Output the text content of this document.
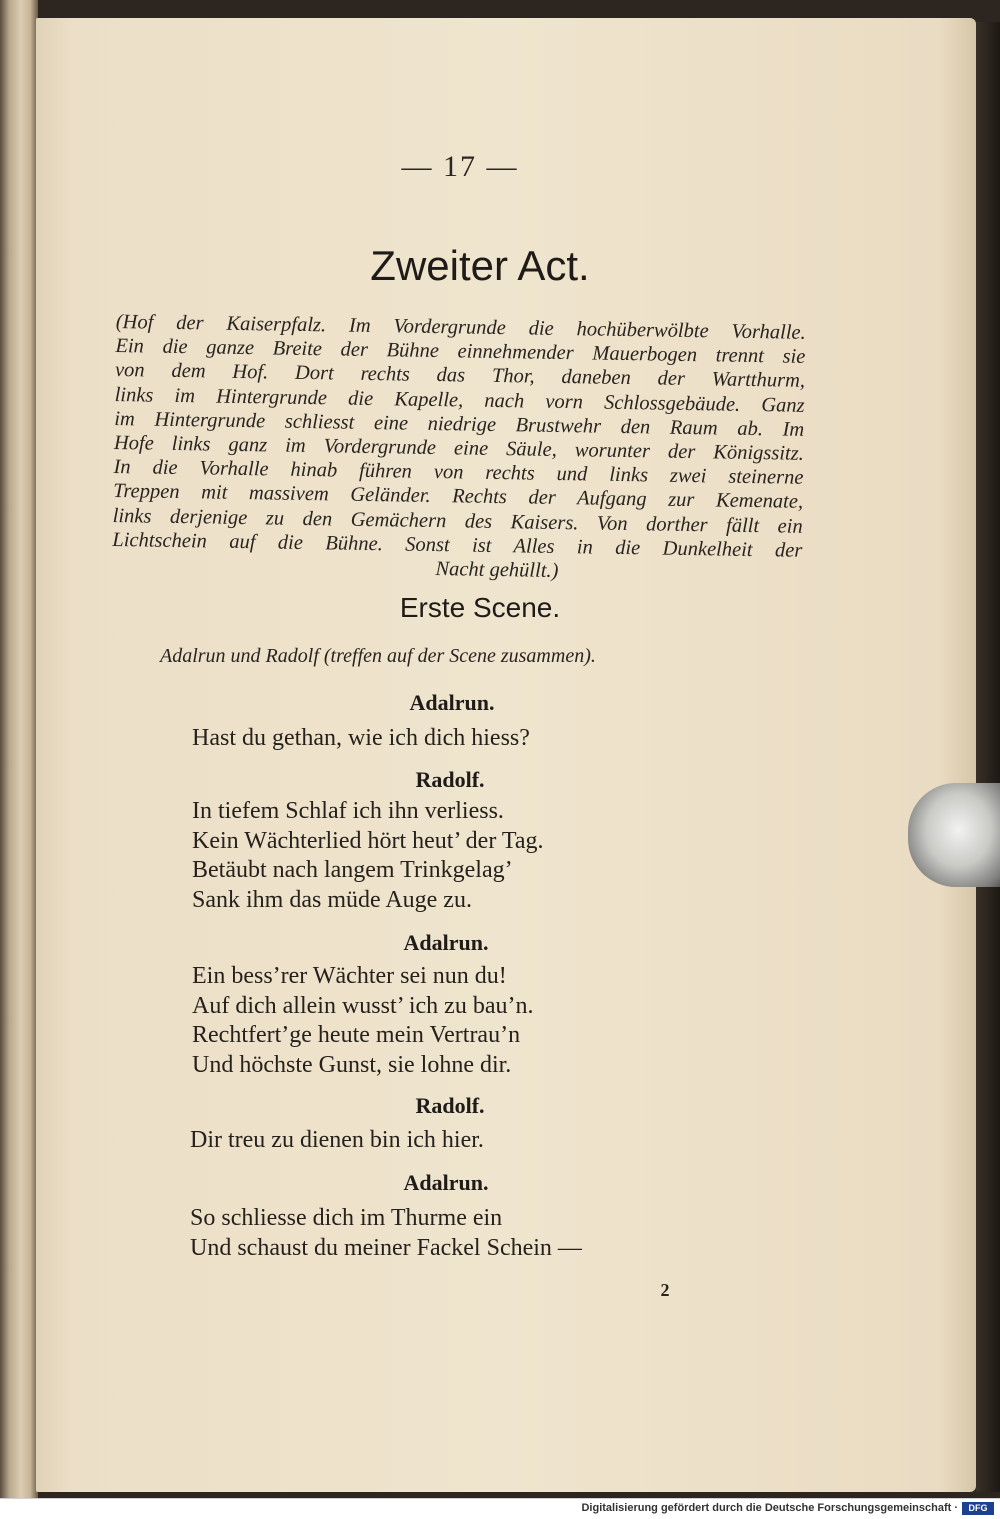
— 17 —
Zweiter Act.
(Hof der Kaiserpfalz. Im Vordergrunde die hochüberwölbte Vorhalle.
Ein die ganze Breite der Bühne einnehmender Mauerbogen trennt sie
von dem Hof. Dort rechts das Thor, daneben der Wartthurm,
links im Hintergrunde die Kapelle, nach vorn Schlossgebäude. Ganz
im Hintergrunde schliesst eine niedrige Brustwehr den Raum ab. Im
Hofe links ganz im Vordergrunde eine Säule, worunter der Königssitz.
In die Vorhalle hinab führen von rechts und links zwei steinerne
Treppen mit massivem Geländer. Rechts der Aufgang zur Kemenate,
links derjenige zu den Gemächern des Kaisers. Von dorther fällt ein
Lichtschein auf die Bühne. Sonst ist Alles in die Dunkelheit der
Nacht gehüllt.)
Erste Scene.
Adalrun und Radolf (treffen auf der Scene zusammen).
Adalrun.
Hast du gethan, wie ich dich hiess?
Radolf.
In tiefem Schlaf ich ihn verliess.
Kein Wächterlied hört heut’ der Tag.
Betäubt nach langem Trinkgelag’
Sank ihm das müde Auge zu.
Adalrun.
Ein bess’rer Wächter sei nun du!
Auf dich allein wusst’ ich zu bau’n.
Rechtfert’ge heute mein Vertrau’n
Und höchste Gunst, sie lohne dir.
Radolf.
Dir treu zu dienen bin ich hier.
Adalrun.
So schliesse dich im Thurme ein
Und schaust du meiner Fackel Schein —
2
Digitalisierung gefördert durch die Deutsche Forschungsgemeinschaft ·	DFG
